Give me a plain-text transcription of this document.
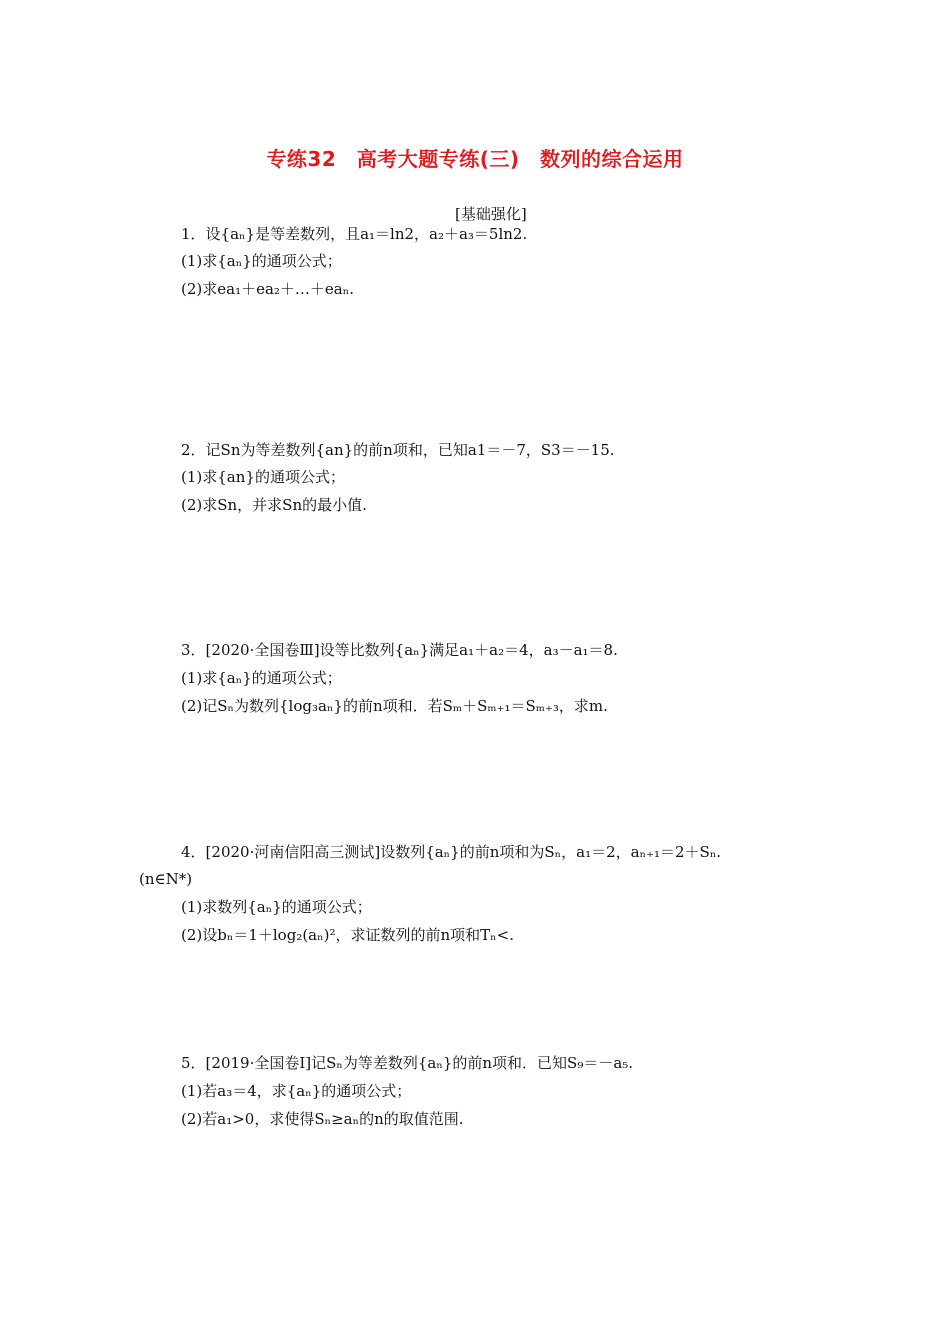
专练32　高考大题专练(三)　数列的综合运用
[基础强化]
1．设{aₙ}是等差数列，且a₁＝ln2，a₂＋a₃＝5ln2.
(1)求{aₙ}的通项公式；
(2)求ea₁＋ea₂＋…＋eaₙ.
2．记Sn为等差数列{an}的前n项和，已知a1＝－7，S3＝－15.
(1)求{an}的通项公式；
(2)求Sn，并求Sn的最小值.
3．[2020·全国卷Ⅲ]设等比数列{aₙ}满足a₁＋a₂＝4，a₃－a₁＝8.
(1)求{aₙ}的通项公式；
(2)记Sₙ为数列{log₃aₙ}的前n项和．若Sₘ＋Sₘ₊₁＝Sₘ₊₃，求m.
4．[2020·河南信阳高三测试]设数列{aₙ}的前n项和为Sₙ，a₁＝2，aₙ₊₁＝2＋Sₙ.
(n∈N*)
(1)求数列{aₙ}的通项公式；
(2)设bₙ＝1＋log₂(aₙ)²，求证数列的前n项和Tₙ<.
5．[2019·全国卷Ⅰ]记Sₙ为等差数列{aₙ}的前n项和．已知S₉＝－a₅.
(1)若a₃＝4，求{aₙ}的通项公式；
(2)若a₁>0，求使得Sₙ≥aₙ的n的取值范围.
